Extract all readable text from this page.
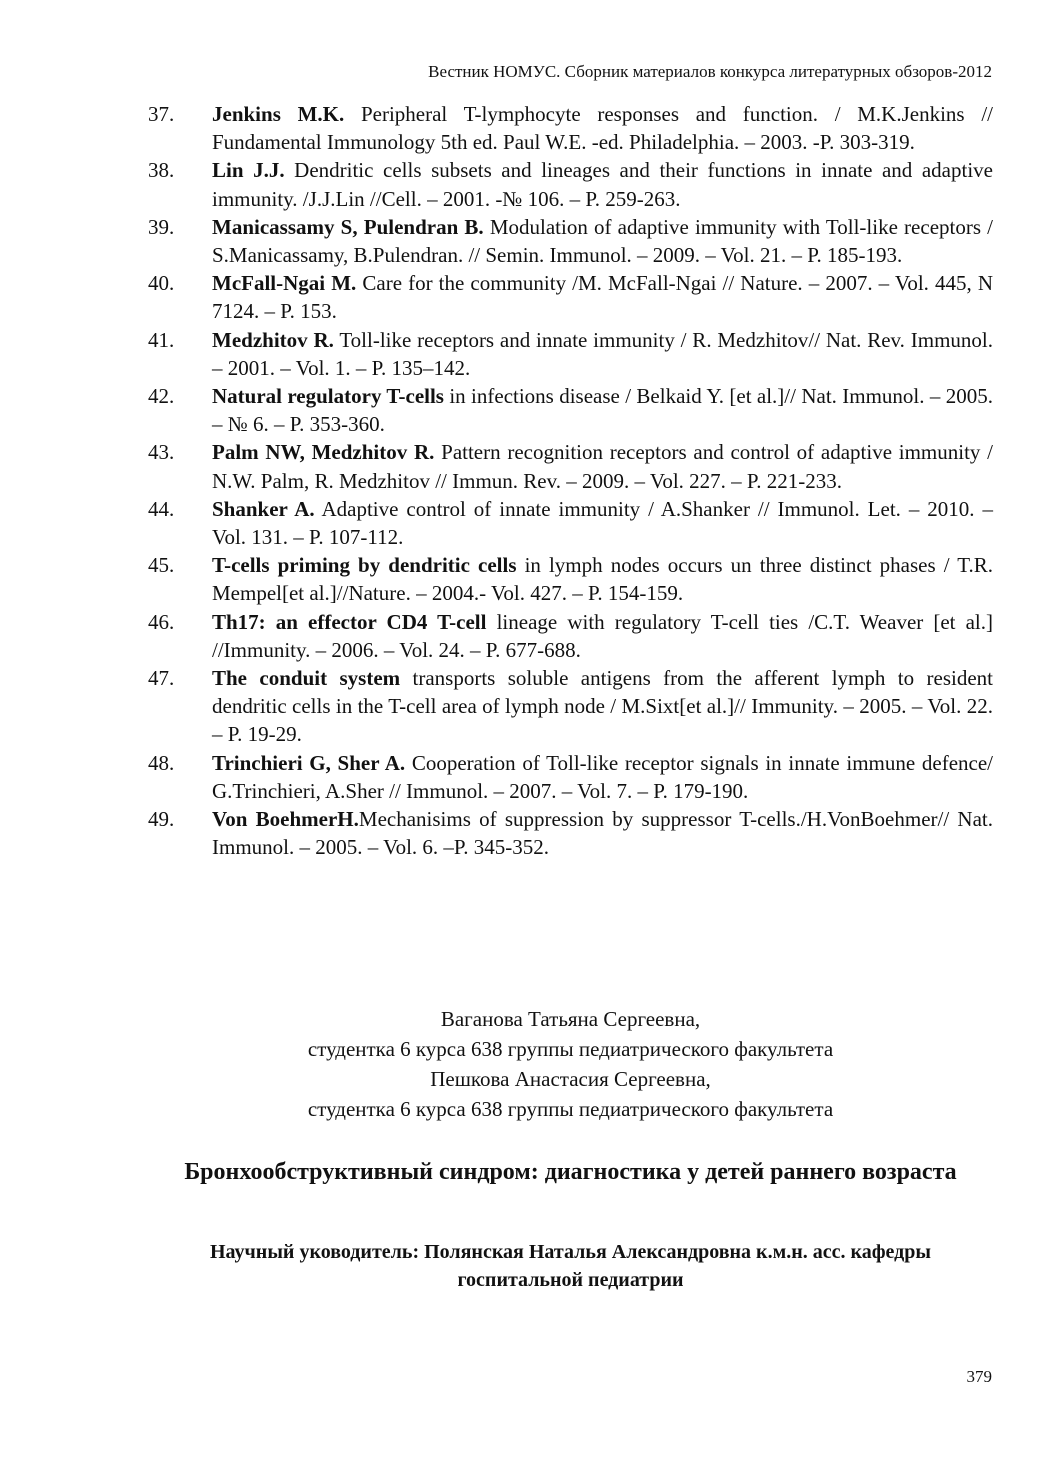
Вестник НОМУС. Сборник материалов конкурса литературных обзоров-2012
37.	Jenkins M.K. Peripheral T-lymphocyte responses and function. / M.K.Jenkins // Fundamental Immunology 5th ed. Paul W.E. -ed. Philadelphia. – 2003. -P. 303-319.
38.	Lin J.J. Dendritic cells subsets and lineages and their functions in innate and adaptive immunity. /J.J.Lin //Cell. – 2001. -№ 106. – P. 259-263.
39.	Manicassamy S, Pulendran B. Modulation of adaptive immunity with Toll-like receptors / S.Manicassamy, B.Pulendran. // Semin. Immunol. – 2009. – Vol. 21. – P. 185-193.
40.	McFall-Ngai M. Care for the community /M. McFall-Ngai // Nature. – 2007. – Vol. 445, N 7124. – P. 153.
41.	Medzhitov R. Toll-like receptors and innate immunity / R. Medzhitov// Nat. Rev. Immunol. – 2001. – Vol. 1. – P. 135–142.
42.	Natural regulatory T-cells in infections disease / Belkaid Y. [et al.]// Nat. Immunol. – 2005. – № 6. – P. 353-360.
43.	Palm NW, Medzhitov R. Pattern recognition receptors and control of adaptive immunity / N.W. Palm, R. Medzhitov // Immun. Rev. – 2009. – Vol. 227. – P. 221-233.
44.	Shanker A. Adaptive control of innate immunity / A.Shanker // Immunol. Let. – 2010. – Vol. 131. – P. 107-112.
45.	T-cells priming by dendritic cells in lymph nodes occurs un three distinct phases / T.R. Mempel[et al.]//Nature. – 2004.- Vol. 427. – P. 154-159.
46.	Th17: an effector CD4 T-cell lineage with regulatory T-cell ties /C.T. Weaver [et al.] //Immunity. – 2006. – Vol. 24. – P. 677-688.
47.	The conduit system transports soluble antigens from the afferent lymph to resident dendritic cells in the T-cell area of lymph node / M.Sixt[et al.]// Immunity. – 2005. – Vol. 22. – P. 19-29.
48.	Trinchieri G, Sher A. Cooperation of Toll-like receptor signals in innate immune defence/ G.Trinchieri, A.Sher // Immunol. – 2007. – Vol. 7. – P. 179-190.
49.	Von BoehmerH.Mechanisims of suppression by suppressor T-cells./H.VonBoehmer// Nat. Immunol. – 2005. – Vol. 6. –P. 345-352.
Ваганова Татьяна Сергеевна,
студентка 6 курса 638 группы педиатрического факультета
Пешкова Анастасия Сергеевна,
студентка 6 курса 638 группы педиатрического факультета
Бронхообструктивный синдром: диагностика у детей раннего возраста
Научный уководитель: Полянская Наталья Александровна к.м.н. асс. кафедры госпитальной педиатрии
379
